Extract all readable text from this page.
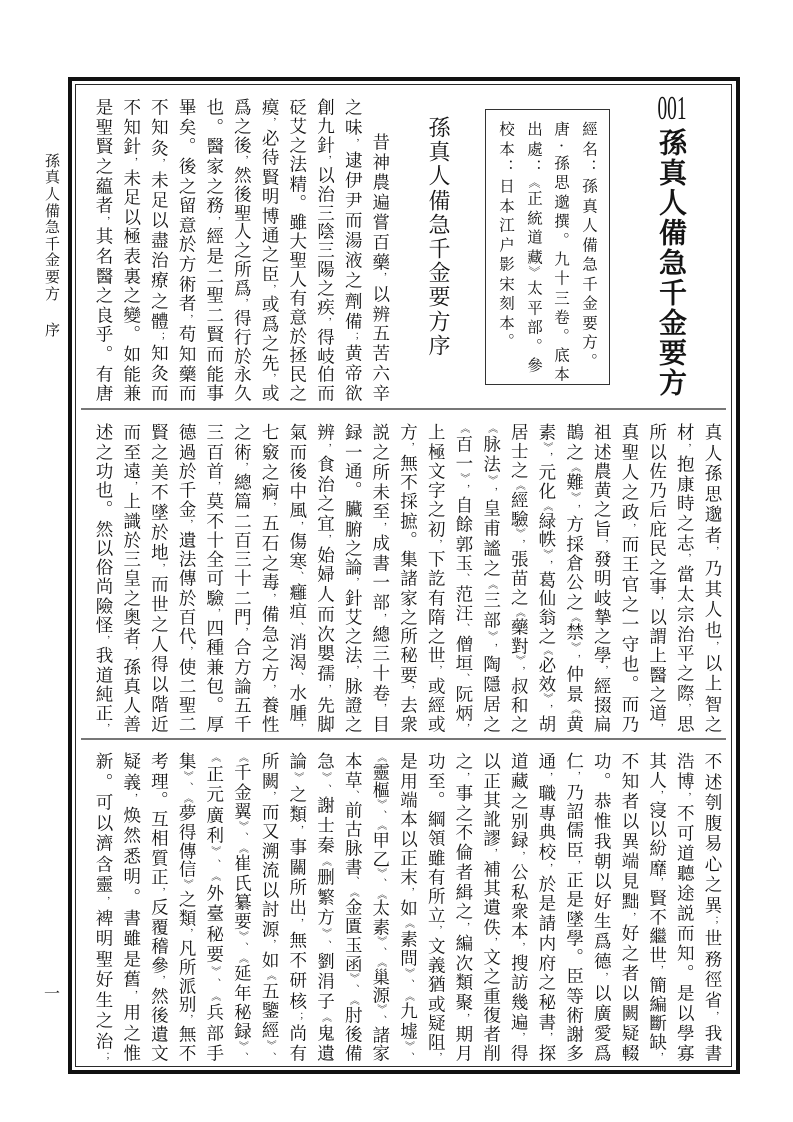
孫
真
人
備
急
千
金
要
方
序
一
001
孫
真
人
備
急
千
金
要
方
經
名
：
孫
真
人
備
急
千
金
要
方
。
唐
·
孫
思
邈
撰
。
九
十
三
卷
。
底
本
出
處
：
《
正
統
道
藏
》
太
平
部
。
參
校
本
：
日
本
江
户
影
宋
刻
本
。
孫
真
人
備
急
千
金
要
方
序
昔
神
農
遍
嘗
百
藥
，
以
辨
五
苦
六
辛
之
味
，
逮
伊
尹
而
湯
液
之
劑
備
；
黄
帝
欲
創
九
針
，
以
治
三
陰
三
陽
之
疾
，
得
岐
伯
而
砭
艾
之
法
精
。
雖
大
聖
人
有
意
於
拯
民
之
瘼
，
必
待
賢
明
博
通
之
臣
，
或
爲
之
先
，
或
爲
之
後
，
然
後
聖
人
之
所
爲
，
得
行
於
永
久
也
。
醫
家
之
務
，
經
是
二
聖
二
賢
而
能
事
畢
矣
。
後
之
留
意
於
方
術
者
，
苟
知
藥
而
不
知
灸
，
未
足
以
盡
治
療
之
體
；
知
灸
而
不
知
針
，
未
足
以
極
表
裏
之
變
。
如
能
兼
是
聖
賢
之
藴
者
，
其
名
醫
之
良
乎
。
有
唐
真
人
孫
思
邈
者
，
乃
其
人
也
，
以
上
智
之
材
，
抱
康
時
之
志
，
當
太
宗
治
平
之
際
，
思
所
以
佐
乃
后
庇
民
之
事
，
以
謂
上
醫
之
道
，
真
聖
人
之
政
，
而
王
官
之
一
守
也
。
而
乃
祖
述
農
黄
之
旨
，
發
明
岐
摯
之
學
，
經
掇
扁
鵲
之
《
難
》
，
方
採
倉
公
之
《
禁
》
，
仲
景
《
黄
素
》
，
元
化
《
緑
帙
》
，
葛
仙
翁
之
《
必
效
》
，
胡
居
士
之
《
經
驗
》
，
張
苗
之
《
藥
對
》
，
叔
和
之
《
脉
法
》
，
皇
甫
謐
之
《
三
部
》
，
陶
隱
居
之
《
百
一
》
，
自
餘
郭
玉
、
范
汪
、
僧
垣
、
阮
炳
，
上
極
文
字
之
初
，
下
訖
有
隋
之
世
，
或
經
或
方
，
無
不
採
摭
。
集
諸
家
之
所
秘
要
，
去
衆
説
之
所
未
至
，
成
書
一
部
，
總
三
十
卷
，
目
録
一
通
。
臟
腑
之
論
，
針
艾
之
法
，
脉
證
之
辨
，
食
治
之
宜
，
始
婦
人
而
次
嬰
孺
，
先
脚
氣
而
後
中
風
，
傷
寒
、
癰
疽
、
消
渴
、
水
腫
，
七
竅
之
痾
，
五
石
之
毒
，
備
急
之
方
，
養
性
之
術
，
總
篇
二
百
三
十
二
門
，
合
方
論
五
千
三
百
首
，
莫
不
十
全
可
驗
，
四
種
兼
包
。
厚
德
過
於
千
金
，
遺
法
傳
於
百
代
，
使
二
聖
二
賢
之
美
不
墜
於
地
，
而
世
之
人
得
以
階
近
而
至
遠
，
上
識
於
三
皇
之
奥
者
，
孫
真
人
善
述
之
功
也
。
然
以
俗
尚
險
怪
，
我
道
純
正
，
不
述
刳
腹
易
心
之
異
；
世
務
徑
省
，
我
書
浩
博
，
不
可
道
聽
途
説
而
知
。
是
以
學
寡
其
人
，
寖
以
紛
靡
，
賢
不
繼
世
，
簡
編
斷
缺
，
不
知
者
以
異
端
見
黜
，
好
之
者
以
闕
疑
輟
功
。
恭
惟
我
朝
以
好
生
爲
德
，
以
廣
愛
爲
仁
，
乃
詔
儒
臣
，
正
是
墜
學
。
臣
等
術
謝
多
通
，
職
專
典
校
，
於
是
請
内
府
之
秘
書
，
探
道
藏
之
别
録
，
公
私
衆
本
，
搜
訪
幾
遍
，
得
以
正
其
訛
謬
，
補
其
遺
佚
，
文
之
重
復
者
削
之
，
事
之
不
倫
者
緝
之
，
編
次
類
聚
，
期
月
功
至
。
綱
領
雖
有
所
立
，
文
義
猶
或
疑
阻
，
是
用
端
本
以
正
末
，
如
《
素
問
》
、
《
九
墟
》
、
《
靈
樞
》
、
《
甲
乙
》
、
《
太
素
》
、
《
巢
源
》
、
諸
家
本
草
、
前
古
脉
書
、
《
金
匱
玉
函
》
、
《
肘
後
備
急
》
、
謝
士
秦
《
删
繁
方
》
、
劉
涓
子
《
鬼
遺
論
》
之
類
，
事
關
所
出
，
無
不
研
核
；
尚
有
所
闕
，
而
又
溯
流
以
討
源
，
如
《
五
鑒
經
》
、
《
千
金
翼
》
、
《
崔
氏
纂
要
》
、
《
延
年
秘
録
》
、
《
正
元
廣
利
》
、
《
外
臺
秘
要
》
、
《
兵
部
手
集
》
、
《
夢
得
傳
信
》
之
類
，
凡
所
派
别
，
無
不
考
理
。
互
相
質
正
，
反
覆
稽
參
，
然
後
遺
文
疑
義
，
焕
然
悉
明
。
書
雖
是
舊
，
用
之
惟
新
。
可
以
濟
含
靈
，
裨
明
聖
好
生
之
治
；
